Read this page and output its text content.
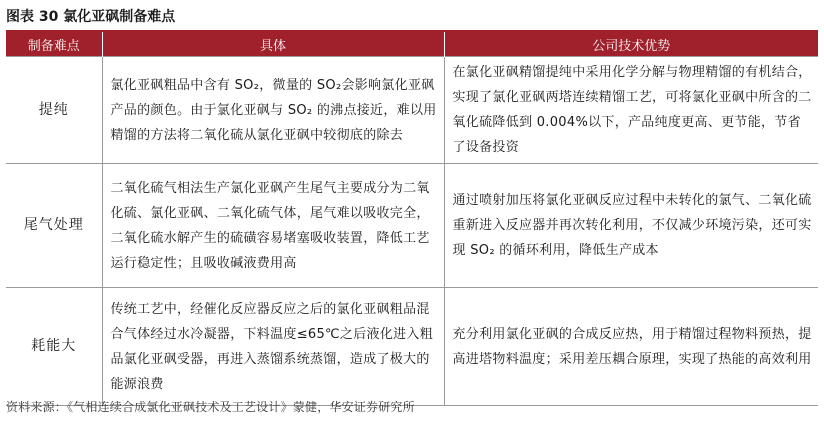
图表 30 氯化亚砜制备难点
制备难点	具体	公司技术优势
提纯	氯化亚砜粗品中含有 SO₂，微量的 SO₂会影响氯化亚砜产品的颜色。由于氯化亚砜与 SO₂ 的沸点接近，难以用精馏的方法将二氧化硫从氯化亚砜中较彻底的除去	在氯化亚砜精馏提纯中采用化学分解与物理精馏的有机结合，实现了氯化亚砜两塔连续精馏工艺，可将氯化亚砜中所含的二氧化硫降低到 0.004%以下，产品纯度更高、更节能，节省了设备投资
尾气处理	二氧化硫气相法生产氯化亚砜产生尾气主要成分为二氧化硫、氯化亚砜、二氧化硫气体，尾气难以吸收完全，二氧化硫水解产生的硫磺容易堵塞吸收装置，降低工艺运行稳定性；且吸收碱液费用高	通过喷射加压将氯化亚砜反应过程中未转化的氯气、二氧化硫重新进入反应器并再次转化利用，不仅减少环境污染，还可实现 SO₂ 的循环利用，降低生产成本
耗能大	传统工艺中，经催化反应器反应之后的氯化亚砜粗品混合气体经过水冷凝器，下料温度≤65℃之后液化进入粗品氯化亚砜受器，再进入蒸馏系统蒸馏，造成了极大的能源浪费	充分利用氯化亚砜的合成反应热，用于精馏过程物料预热，提高进塔物料温度；采用差压耦合原理，实现了热能的高效利用
资料来源：《气相连续合成氯化亚砜技术及工艺设计》蒙健，华安证券研究所
